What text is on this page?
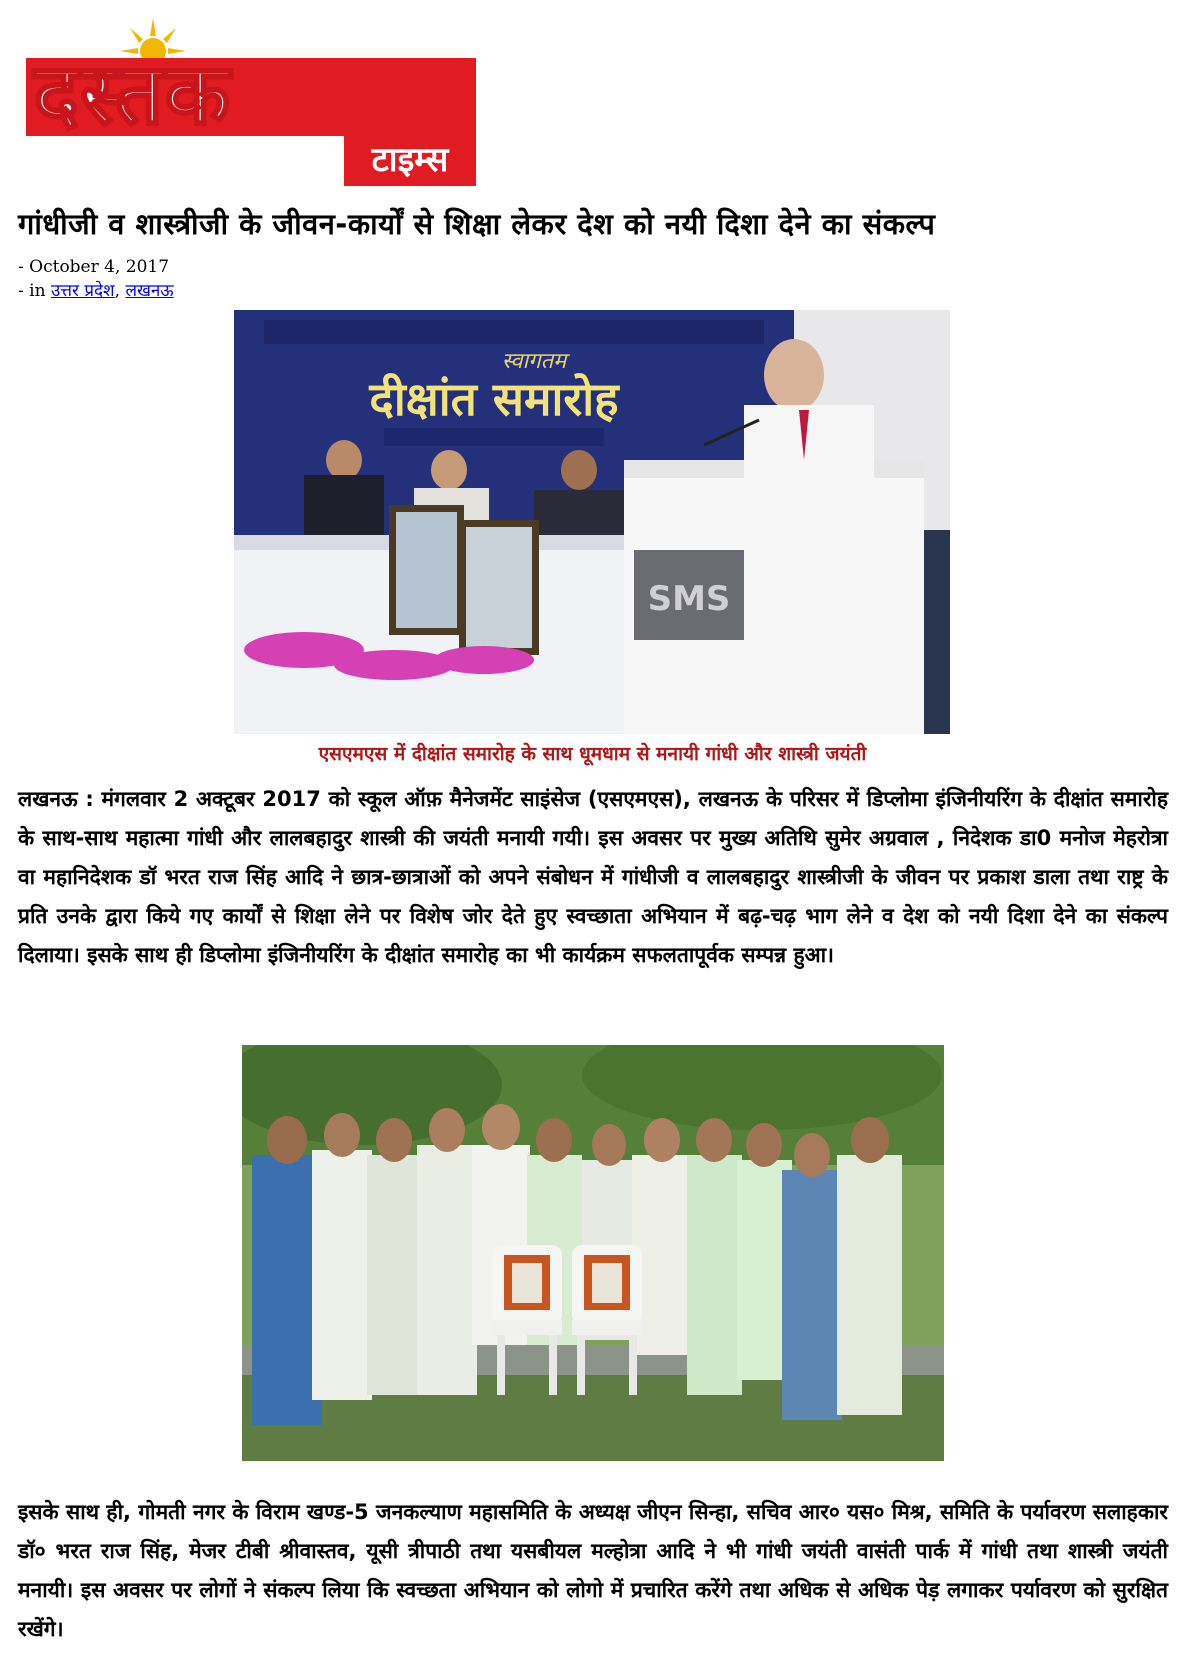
दस्तक
टाइम्स
गांधीजी व शास्त्रीजी के जीवन-कार्यों से शिक्षा लेकर देश को नयी दिशा देने का संकल्प
- October 4, 2017
- in उत्तर प्रदेश, लखनऊ
स्वागतम
दीक्षांत समारोह
SMS
एसएमएस में दीक्षांत समारोह के साथ धूमधाम से मनायी गांधी और शास्त्री जयंती
लखनऊ : मंगलवार 2 अक्टूबर 2017 को स्कूल ऑफ़ मैनेजमेंट साइंसेज (एसएमएस), लखनऊ के परिसर में डिप्लोमा इंजिनीयरिंग के दीक्षांत समारोह के साथ-साथ महात्मा गांधी और लालबहादुर शास्त्री की जयंती मनायी गयी। इस अवसर पर मुख्य अतिथि सुमेर अग्रवाल , निदेशक डा0 मनोज मेहरोत्रा वा महानिदेशक डॉ भरत राज सिंह आदि ने छात्र-छात्राओं को अपने संबोधन में गांधीजी व लालबहादुर शास्त्रीजी के जीवन पर प्रकाश डाला तथा राष्ट्र के प्रति उनके द्वारा किये गए कार्यों से शिक्षा लेने पर विशेष जोर देते हुए स्वच्छाता अभियान में बढ़-चढ़ भाग लेने व देश को नयी दिशा देने का संकल्प दिलाया। इसके साथ ही डिप्लोमा इंजिनीयरिंग के दीक्षांत समारोह का भी कार्यक्रम सफलतापूर्वक सम्पन्न हुआ।
इसके साथ ही, गोमती नगर के विराम खण्ड-5 जनकल्याण महासमिति के अध्यक्ष जीएन सिन्हा, सचिव आर० यस० मिश्र, समिति के पर्यावरण सलाहकार डॉ० भरत राज सिंह, मेजर टीबी श्रीवास्तव, यूसी त्रीपाठी तथा यसबीयल मल्होत्रा आदि ने भी गांधी जयंती वासंती पार्क में गांधी तथा शास्त्री जयंती मनायी। इस अवसर पर लोगों ने संकल्प लिया कि स्वच्छता अभियान को लोगो में प्रचारित करेंगे तथा अधिक से अधिक पेड़ लगाकर पर्यावरण को सुरक्षित रखेंगे।
